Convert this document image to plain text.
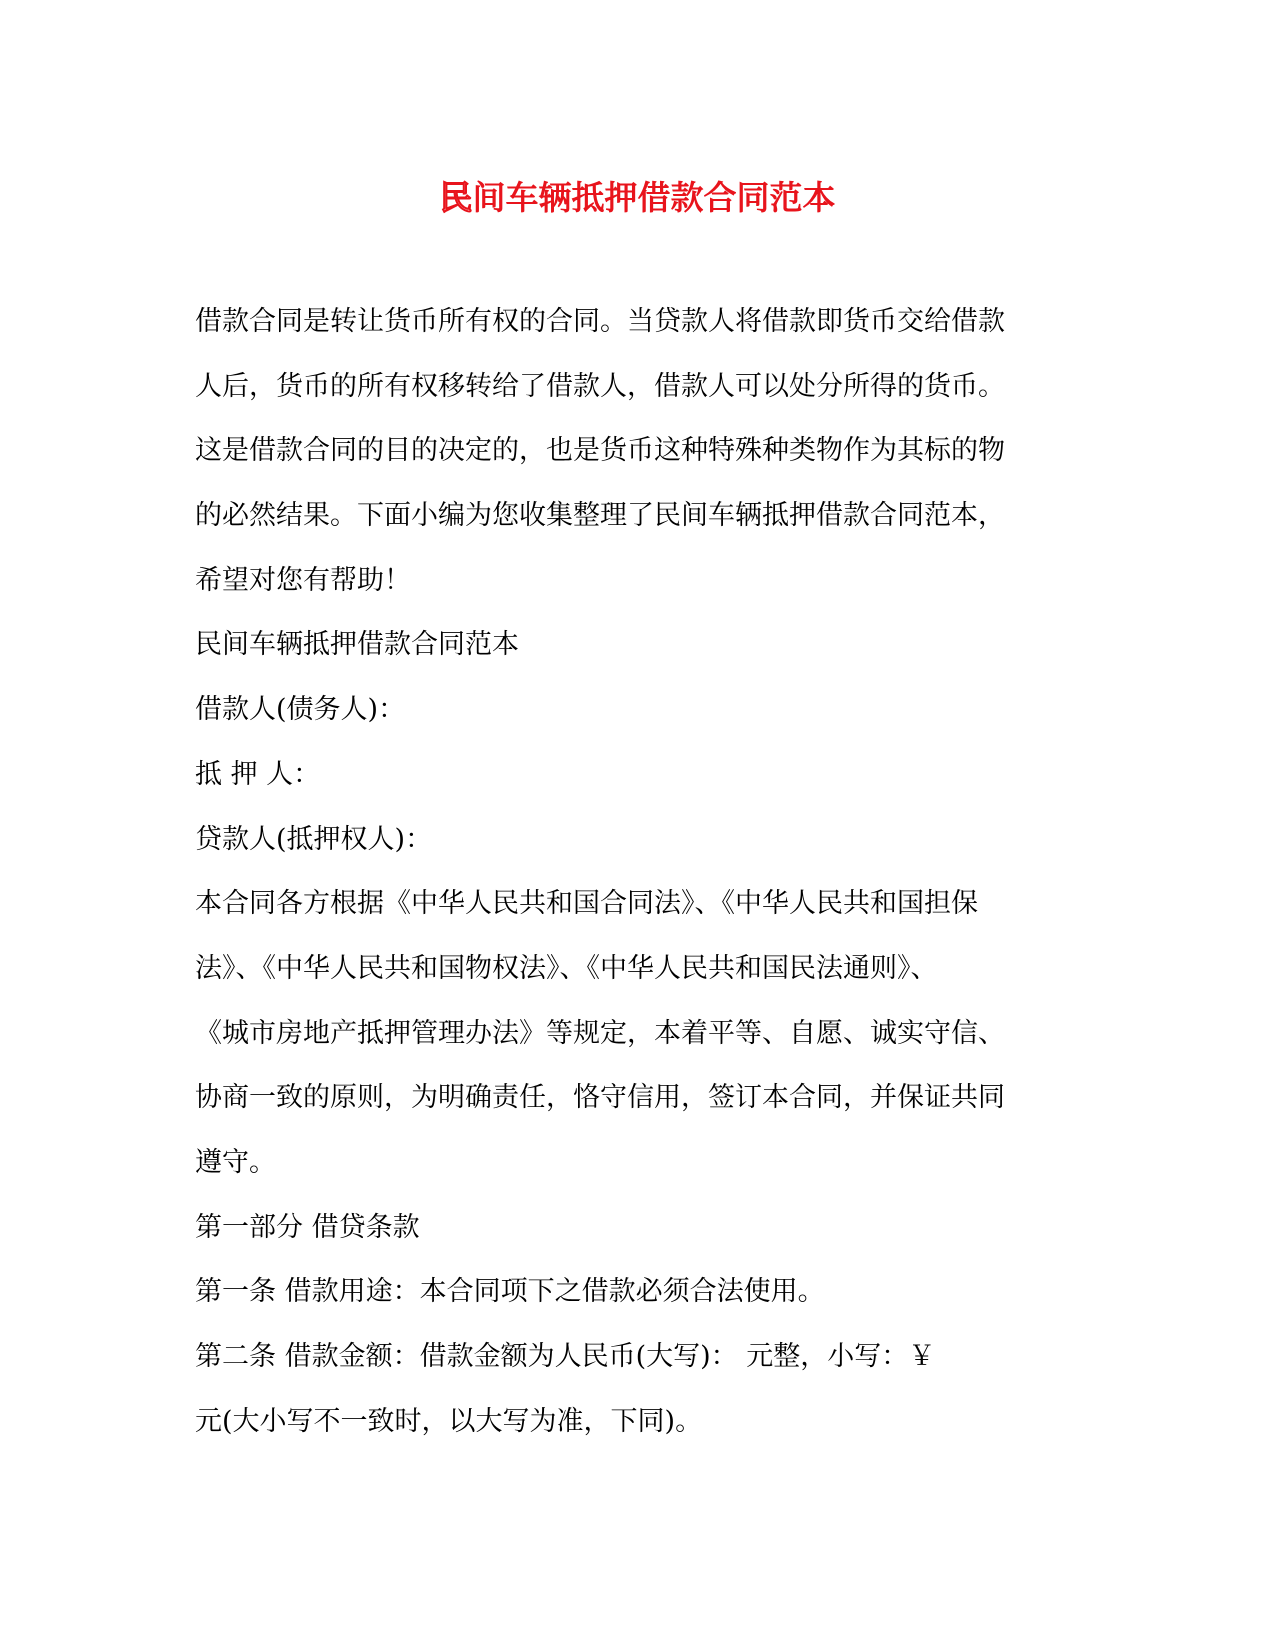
民间车辆抵押借款合同范本
借款合同是转让货币所有权的合同。当贷款人将借款即货币交给借款
人后，货币的所有权移转给了借款人，借款人可以处分所得的货币。
这是借款合同的目的决定的，也是货币这种特殊种类物作为其标的物
的必然结果。下面小编为您收集整理了民间车辆抵押借款合同范本，
希望对您有帮助！
民间车辆抵押借款合同范本
借款人(债务人)：
抵 押 人：
贷款人(抵押权人)：
本合同各方根据《中华人民共和国合同法》、《中华人民共和国担保
法》、《中华人民共和国物权法》、《中华人民共和国民法通则》、
《城市房地产抵押管理办法》等规定，本着平等、自愿、诚实守信、
协商一致的原则，为明确责任，恪守信用，签订本合同，并保证共同
遵守。
第一部分 借贷条款
第一条 借款用途：本合同项下之借款必须合法使用。
第二条 借款金额：借款金额为人民币(大写)： 元整，小写：￥
元(大小写不一致时，以大写为准，下同)。
